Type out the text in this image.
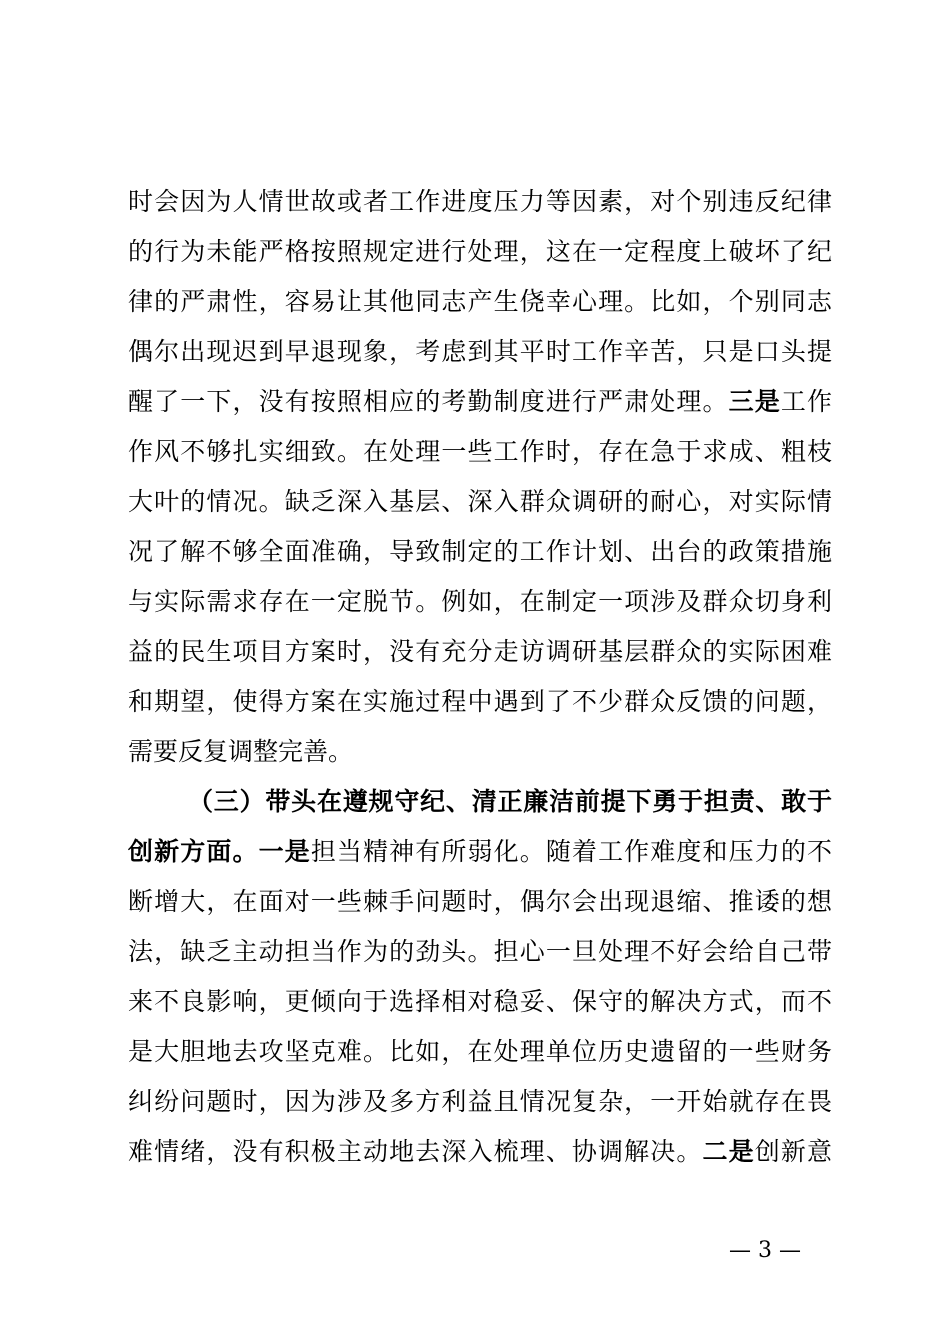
时会因为人情世故或者工作进度压力等因素，对个别违反纪律
的行为未能严格按照规定进行处理，这在一定程度上破坏了纪
律的严肃性，容易让其他同志产生侥幸心理。比如，个别同志
偶尔出现迟到早退现象，考虑到其平时工作辛苦，只是口头提
醒了一下，没有按照相应的考勤制度进行严肃处理。三是工作
作风不够扎实细致。在处理一些工作时，存在急于求成、粗枝
大叶的情况。缺乏深入基层、深入群众调研的耐心，对实际情
况了解不够全面准确，导致制定的工作计划、出台的政策措施
与实际需求存在一定脱节。例如，在制定一项涉及群众切身利
益的民生项目方案时，没有充分走访调研基层群众的实际困难
和期望，使得方案在实施过程中遇到了不少群众反馈的问题，
需要反复调整完善。
（三）带头在遵规守纪、清正廉洁前提下勇于担责、敢于
创新方面。一是担当精神有所弱化。随着工作难度和压力的不
断增大，在面对一些棘手问题时，偶尔会出现退缩、推诿的想
法，缺乏主动担当作为的劲头。担心一旦处理不好会给自己带
来不良影响，更倾向于选择相对稳妥、保守的解决方式，而不
是大胆地去攻坚克难。比如，在处理单位历史遗留的一些财务
纠纷问题时，因为涉及多方利益且情况复杂，一开始就存在畏
难情绪，没有积极主动地去深入梳理、协调解决。二是创新意
— 3 —
